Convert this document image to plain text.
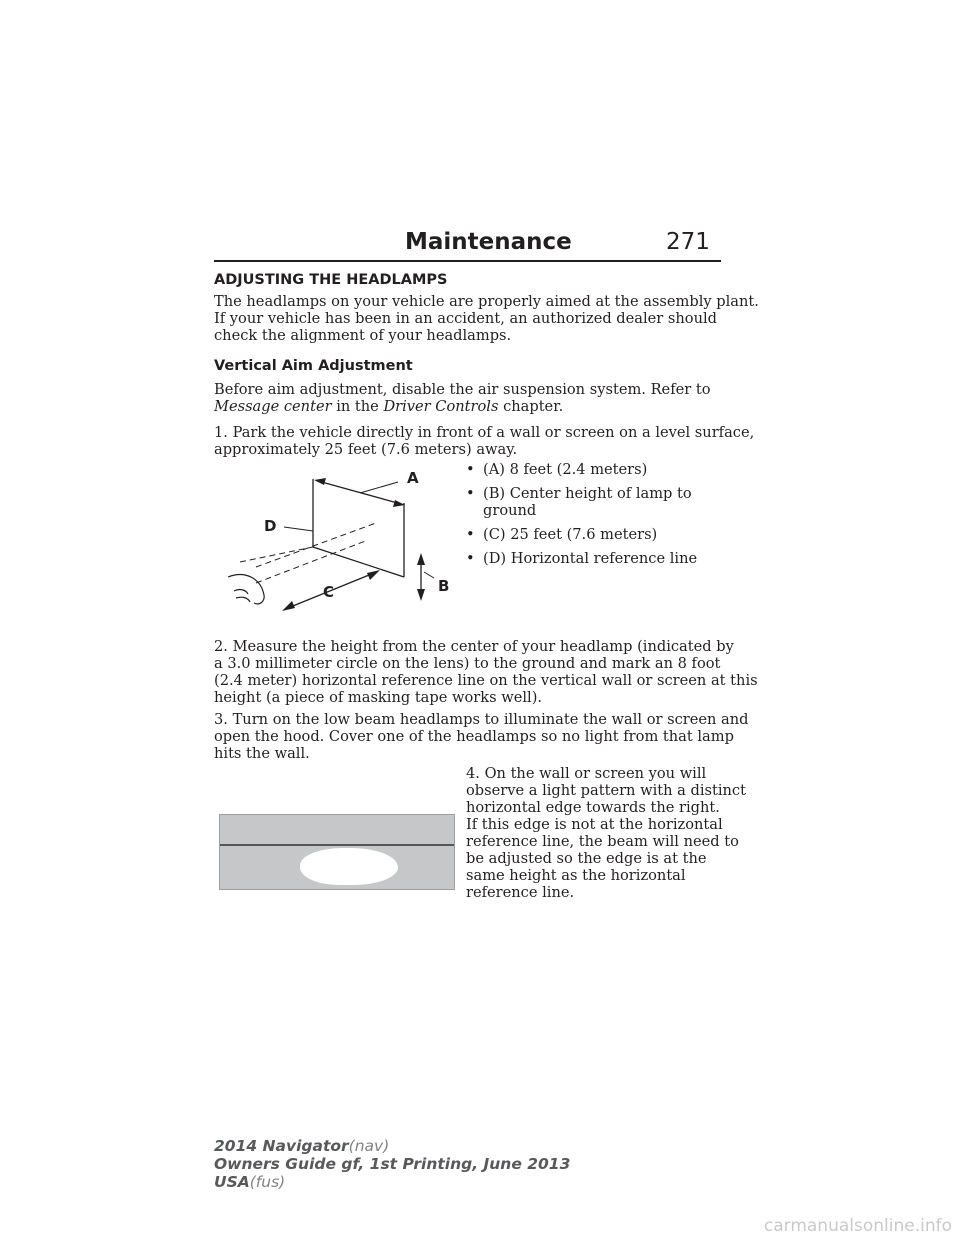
Maintenance	271
ADJUSTING THE HEADLAMPS

The headlamps on your vehicle are properly aimed at the assembly plant.
If your vehicle has been in an accident, an authorized dealer should
check the alignment of your headlamps.

Vertical Aim Adjustment

Before aim adjustment, disable the air suspension system. Refer to
Message center in the Driver Controls chapter.

1. Park the vehicle directly in front of a wall or screen on a level surface,
approximately 25 feet (7.6 meters) away.

A
D
C	B
• (A) 8 feet (2.4 meters)
• (B) Center height of lamp to
ground
• (C) 25 feet (7.6 meters)
• (D) Horizontal reference line

2. Measure the height from the center of your headlamp (indicated by
a 3.0 millimeter circle on the lens) to the ground and mark an 8 foot
(2.4 meter) horizontal reference line on the vertical wall or screen at this
height (a piece of masking tape works well).

3. Turn on the low beam headlamps to illuminate the wall or screen and
open the hood. Cover one of the headlamps so no light from that lamp
hits the wall.

4. On the wall or screen you will
observe a light pattern with a distinct
horizontal edge towards the right.
If this edge is not at the horizontal
reference line, the beam will need to
be adjusted so the edge is at the
same height as the horizontal
reference line.

2014 Navigator(nav)
Owners Guide gf, 1st Printing, June 2013
USA(fus)
carmanualsonline.info
